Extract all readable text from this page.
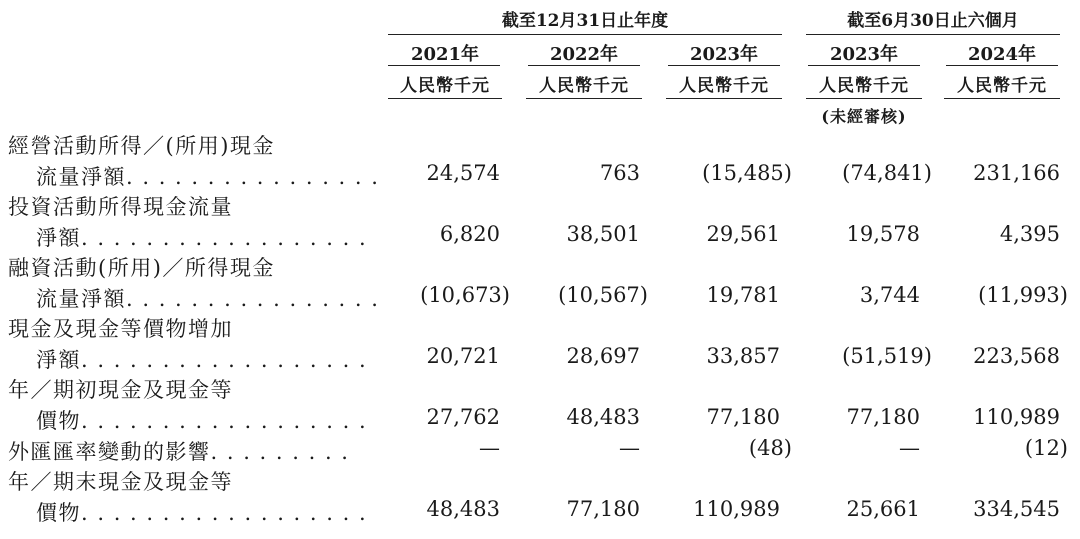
截至12月31日止年度	截至6月30日止六個月
2021年	2022年	2023年	2023年	2024年
人民幣千元	人民幣千元	人民幣千元	人民幣千元	人民幣千元
(未經審核)
經營活動所得／(所用)現金
流量淨額. . . . . . . . . . . . . . . .	24,574	763	(15,485)	(74,841)	231,166
投資活動所得現金流量
淨額. . . . . . . . . . . . . . . . . .	6,820	38,501	29,561	19,578	4,395
融資活動(所用)／所得現金
流量淨額. . . . . . . . . . . . . . . .	(10,673)	(10,567)	19,781	3,744	(11,993)
現金及現金等價物增加
淨額. . . . . . . . . . . . . . . . . .	20,721	28,697	33,857	(51,519)	223,568
年／期初現金及現金等
價物. . . . . . . . . . . . . . . . . .	27,762	48,483	77,180	77,180	110,989
外匯匯率變動的影響. . . . . . . . .	—	—	(48)	—	(12)
年／期末現金及現金等
價物. . . . . . . . . . . . . . . . . .	48,483	77,180	110,989	25,661	334,545
